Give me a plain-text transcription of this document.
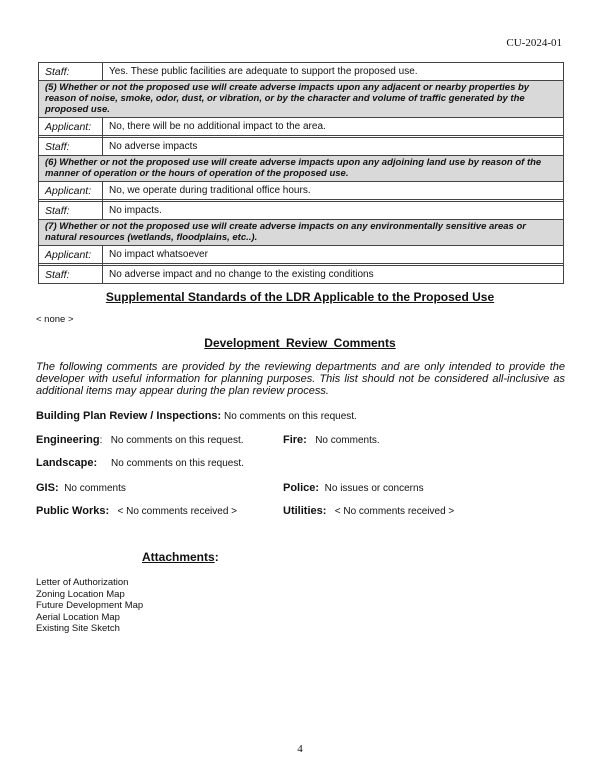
CU-2024-01
Staff:	Yes. These public facilities are adequate to support the proposed use.
(5) Whether or not the proposed use will create adverse impacts upon any adjacent or nearby properties by reason of noise, smoke, odor, dust, or vibration, or by the character and volume of traffic generated by the proposed use.	
Applicant:	No, there will be no additional impact to the area.

Staff:	No adverse impacts
(6) Whether or not the proposed use will create adverse impacts upon any adjoining land use by reason of the manner of operation or the hours of operation of the proposed use.	
Applicant:	No, we operate during traditional office hours.

Staff:	No impacts.
(7) Whether or not the proposed use will create adverse impacts on any environmentally sensitive areas or natural resources (wetlands, floodplains, etc..).	
Applicant:	No impact whatsoever

Staff:	No adverse impact and no change to the existing conditions
Supplemental Standards of the LDR Applicable to the Proposed Use
< none >
Development Review Comments

The following comments are provided by the reviewing departments and are only intended to provide the developer with useful information for planning purposes. This list should not be considered all-inclusive as additional items may appear during the plan review process.

Building Plan Review / Inspections: No comments on this request.
Engineering:   No comments on this request.	Fire: No comments.
Landscape: No comments on this request.
GIS: No comments	Police: No issues or concerns
Public Works: < No comments received >	Utilities: < No comments received >
Attachments:
Letter of Authorization
Zoning Location Map
Future Development Map
Aerial Location Map
Existing Site Sketch
4
